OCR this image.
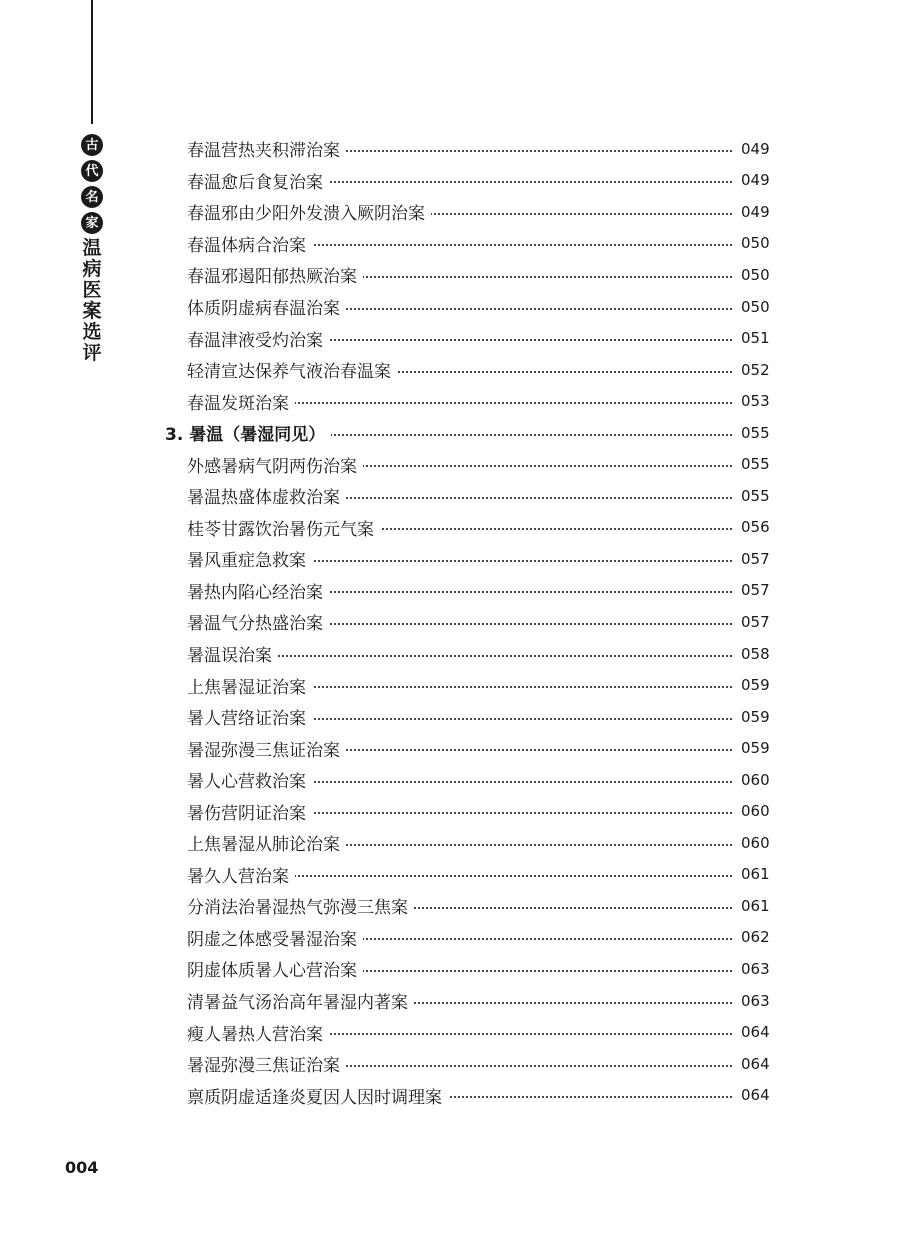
古
代
名
家
温
病
医
案
选
评
春温营热夹积滞治案	049
春温愈后食复治案	049
春温邪由少阳外发溃入厥阴治案	049
春温体病合治案	050
春温邪遏阳郁热厥治案	050
体质阴虚病春温治案	050
春温津液受灼治案	051
轻清宣达保养气液治春温案	052
春温发斑治案	053
3. 暑温（暑湿同见）	055
外感暑病气阴两伤治案	055
暑温热盛体虚救治案	055
桂苓甘露饮治暑伤元气案	056
暑风重症急救案	057
暑热内陷心经治案	057
暑温气分热盛治案	057
暑温误治案	058
上焦暑湿证治案	059
暑人营络证治案	059
暑湿弥漫三焦证治案	059
暑人心营救治案	060
暑伤营阴证治案	060
上焦暑湿从肺论治案	060
暑久人营治案	061
分消法治暑湿热气弥漫三焦案	061
阴虚之体感受暑湿治案	062
阴虚体质暑人心营治案	063
清暑益气汤治高年暑湿内著案	063
瘦人暑热人营治案	064
暑湿弥漫三焦证治案	064
禀质阴虚适逢炎夏因人因时调理案	064
004
